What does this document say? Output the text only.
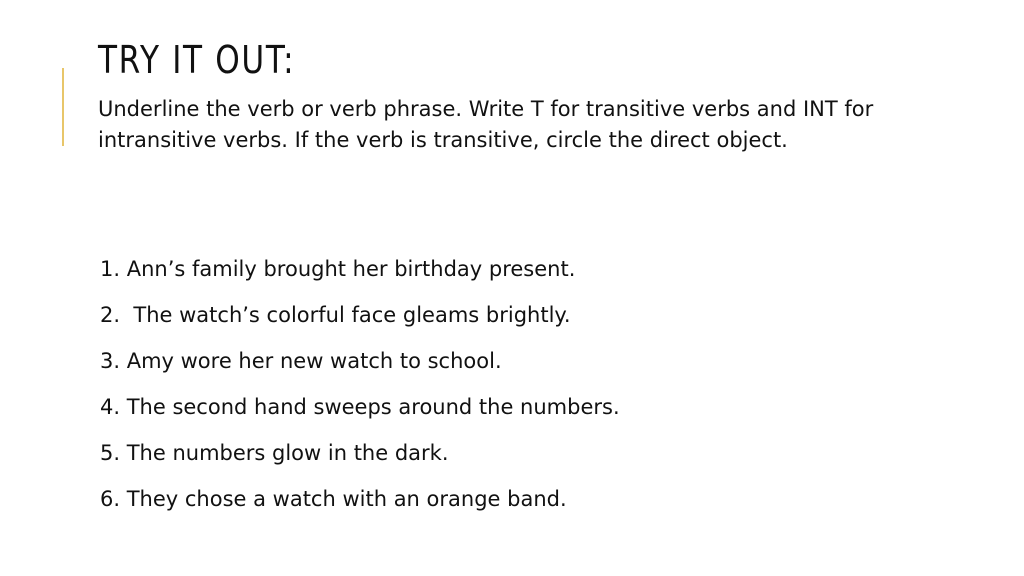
TRY IT OUT:

Underline the verb or verb phrase. Write T for transitive verbs and INT for intransitive verbs. If the verb is transitive, circle the direct object.

1. Ann’s family brought her birthday present.
2.  The watch’s colorful face gleams brightly.
3. Amy wore her new watch to school.
4. The second hand sweeps around the numbers.
5. The numbers glow in the dark.
6. They chose a watch with an orange band.
